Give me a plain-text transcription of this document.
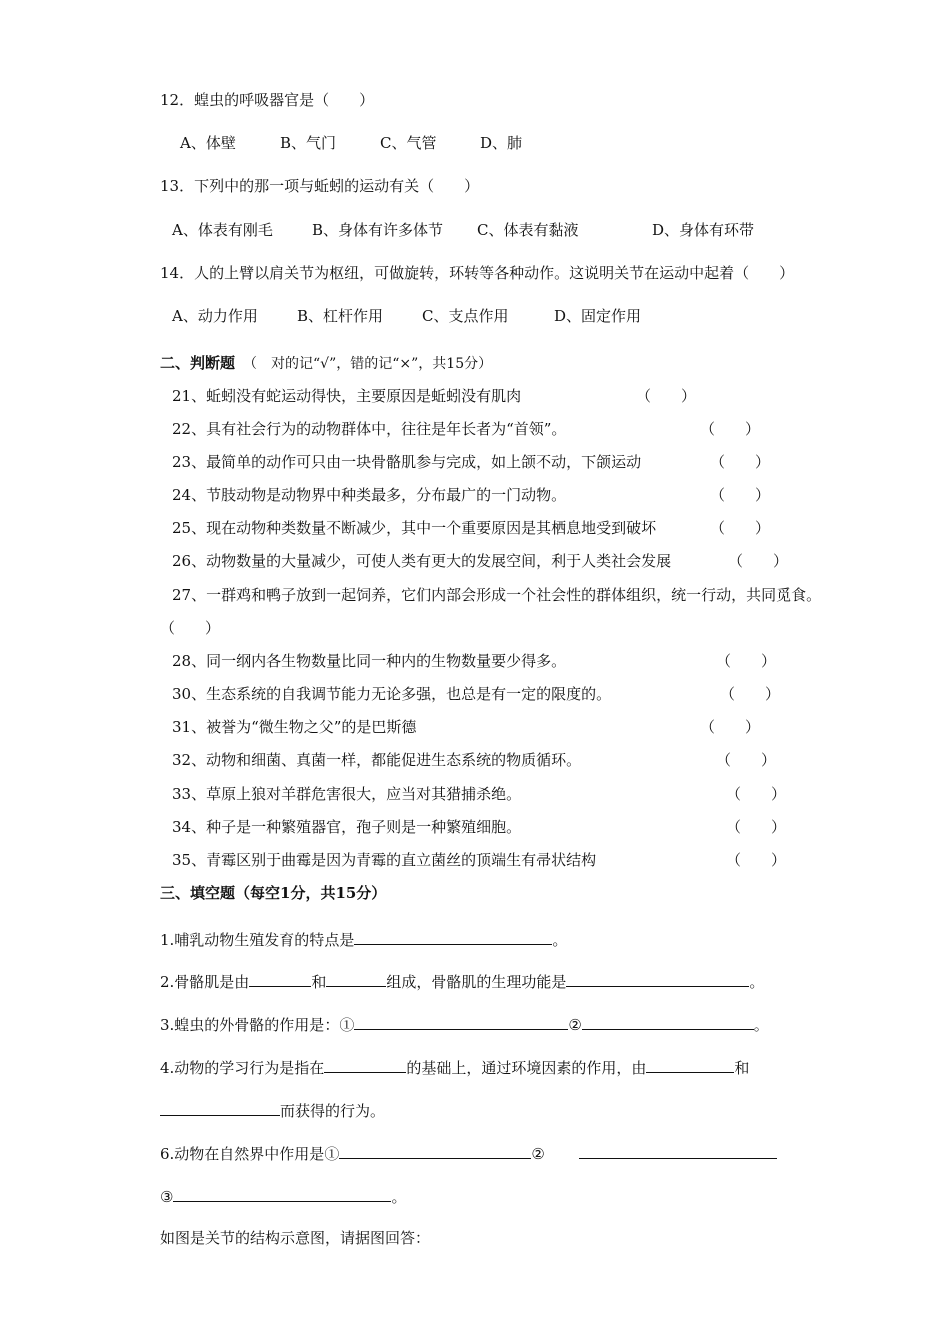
12．蝗虫的呼吸器官是（　　）
A、体壁	B、气门	C、气管	D、肺
13．下列中的那一项与蚯蚓的运动有关（　　）
A、体表有刚毛	B、身体有许多体节 C、体表有黏液	D、身体有环带
14．人的上臂以肩关节为枢纽，可做旋转，环转等各种动作。这说明关节在运动中起着（　　）
A、动力作用	B、杠杆作用	C、支点作用	D、固定作用
二、判断题 （　对的记“√”，错的记“×”，共15分）
21、蚯蚓没有蛇运动得快，主要原因是蚯蚓没有肌肉	（　　）
22、具有社会行为的动物群体中，往往是年长者为“首领”。	（　　）
23、最简单的动作可只由一块骨骼肌参与完成，如上颌不动，下颌运动	（　　）
24、节肢动物是动物界中种类最多，分布最广的一门动物。	（　　）
25、现在动物种类数量不断减少，其中一个重要原因是其栖息地受到破坏	（　　）
26、动物数量的大量减少，可使人类有更大的发展空间，利于人类社会发展	（　　）
27、一群鸡和鸭子放到一起饲养，它们内部会形成一个社会性的群体组织，统一行动，共同觅食。
（　　）
28、同一纲内各生物数量比同一种内的生物数量要少得多。	（　　）
30、生态系统的自我调节能力无论多强，也总是有一定的限度的。	（　　）
31、被誉为“微生物之父”的是巴斯德	（　　）
32、动物和细菌、真菌一样，都能促进生态系统的物质循环。	（　　）
33、草原上狼对羊群危害很大，应当对其猎捕杀绝。	（　　）
34、种子是一种繁殖器官，孢子则是一种繁殖细胞。	（　　）
35、青霉区别于曲霉是因为青霉的直立菌丝的顶端生有帚状结构	（　　）
三、填空题（每空1分，共15分）
1.哺乳动物生殖发育的特点是	。
2.骨骼肌是由	和	组成，骨骼肌的生理功能是	。
3.蝗虫的外骨骼的作用是：①	②	。
4.动物的学习行为是指在	的基础上，通过环境因素的作用，由	和
而获得的行为。
6.动物在自然界中作用是①	②
③	。
如图是关节的结构示意图，请据图回答：
